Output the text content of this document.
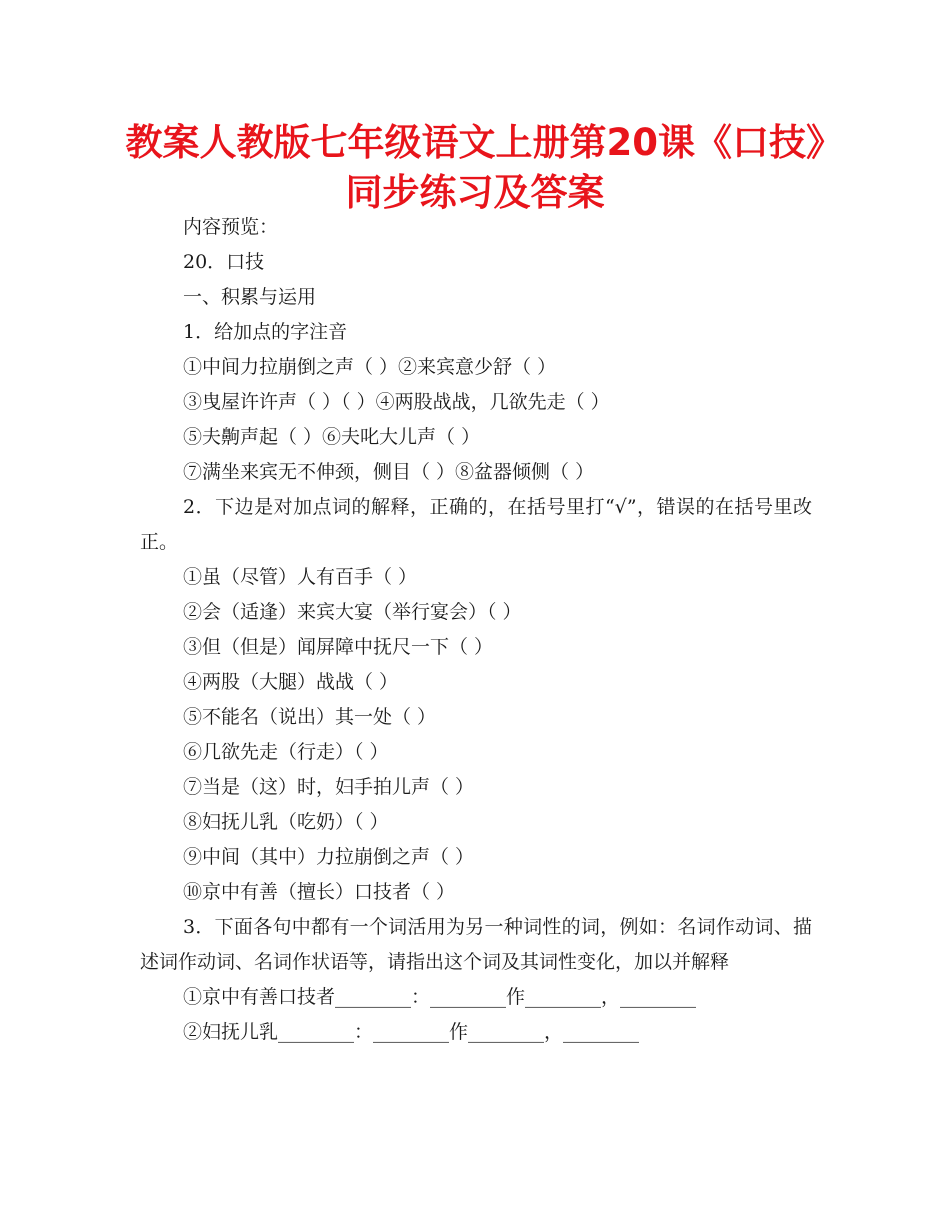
教案人教版七年级语文上册第20课《口技》同步练习及答案

内容预览：

20．口技

一、积累与运用

1．给加点的字注音

①中间力拉崩倒之声（ ）②来宾意少舒（ ）

③曳屋许许声（ ）（ ）④两股战战，几欲先走（ ）

⑤夫齁声起（ ）⑥夫叱大儿声（ ）

⑦满坐来宾无不伸颈，侧目（ ）⑧盆器倾侧（ ）

2．下边是对加点词的解释，正确的，在括号里打“√”，错误的在括号里改正。

①虽（尽管）人有百手（ ）

②会（适逢）来宾大宴（举行宴会）（ ）

③但（但是）闻屏障中抚尺一下（ ）

④两股（大腿）战战（ ）

⑤不能名（说出）其一处（ ）

⑥几欲先走（行走）（ ）

⑦当是（这）时，妇手拍儿声（ ）

⑧妇抚儿乳（吃奶）（ ）

⑨中间（其中）力拉崩倒之声（ ）

⑩京中有善（擅长）口技者（ ）

3．下面各句中都有一个词活用为另一种词性的词，例如：名词作动词、描述词作动词、名词作状语等，请指出这个词及其词性变化，加以并解释

①京中有善口技者________：________作________，________

②妇抚儿乳________：________作________，________
